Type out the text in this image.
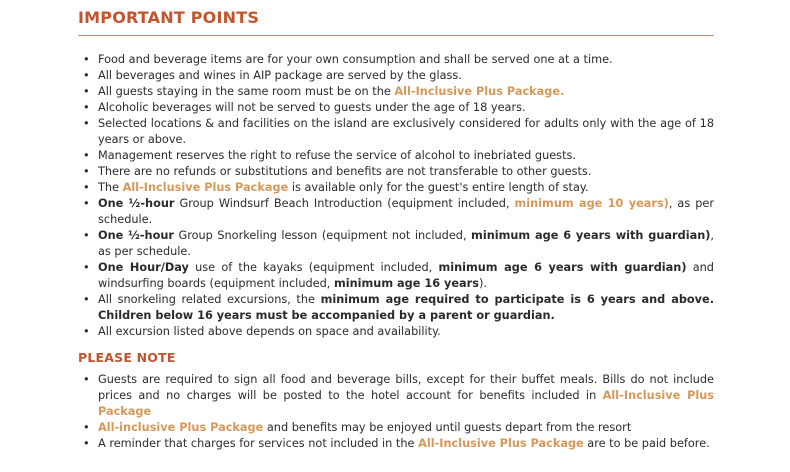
IMPORTANT POINTS
• Food and beverage items are for your own consumption and shall be served one at a time.
• All beverages and wines in AIP package are served by the glass.
• All guests staying in the same room must be on the All-Inclusive Plus Package.
• Alcoholic beverages will not be served to guests under the age of 18 years.
• Selected locations & and facilities on the island are exclusively considered for adults only with the age of 18 years or above.
• Management reserves the right to refuse the service of alcohol to inebriated guests.
• There are no refunds or substitutions and benefits are not transferable to other guests.
• The All-Inclusive Plus Package is available only for the guest's entire length of stay.
• One ½-hour Group Windsurf Beach Introduction (equipment included, minimum age 10 years), as per schedule.
• One ½-hour Group Snorkeling lesson (equipment not included, minimum age 6 years with guardian), as per schedule.
• One Hour/Day use of the kayaks (equipment included, minimum age 6 years with guardian) and windsurfing boards (equipment included, minimum age 16 years).
• All snorkeling related excursions, the minimum age required to participate is 6 years and above. Children below 16 years must be accompanied by a parent or guardian.
• All excursion listed above depends on space and availability.
PLEASE NOTE
• Guests are required to sign all food and beverage bills, except for their buffet meals. Bills do not include prices and no charges will be posted to the hotel account for benefits included in All-Inclusive Plus Package
• All-inclusive Plus Package and benefits may be enjoyed until guests depart from the resort
• A reminder that charges for services not included in the All-Inclusive Plus Package are to be paid before.
